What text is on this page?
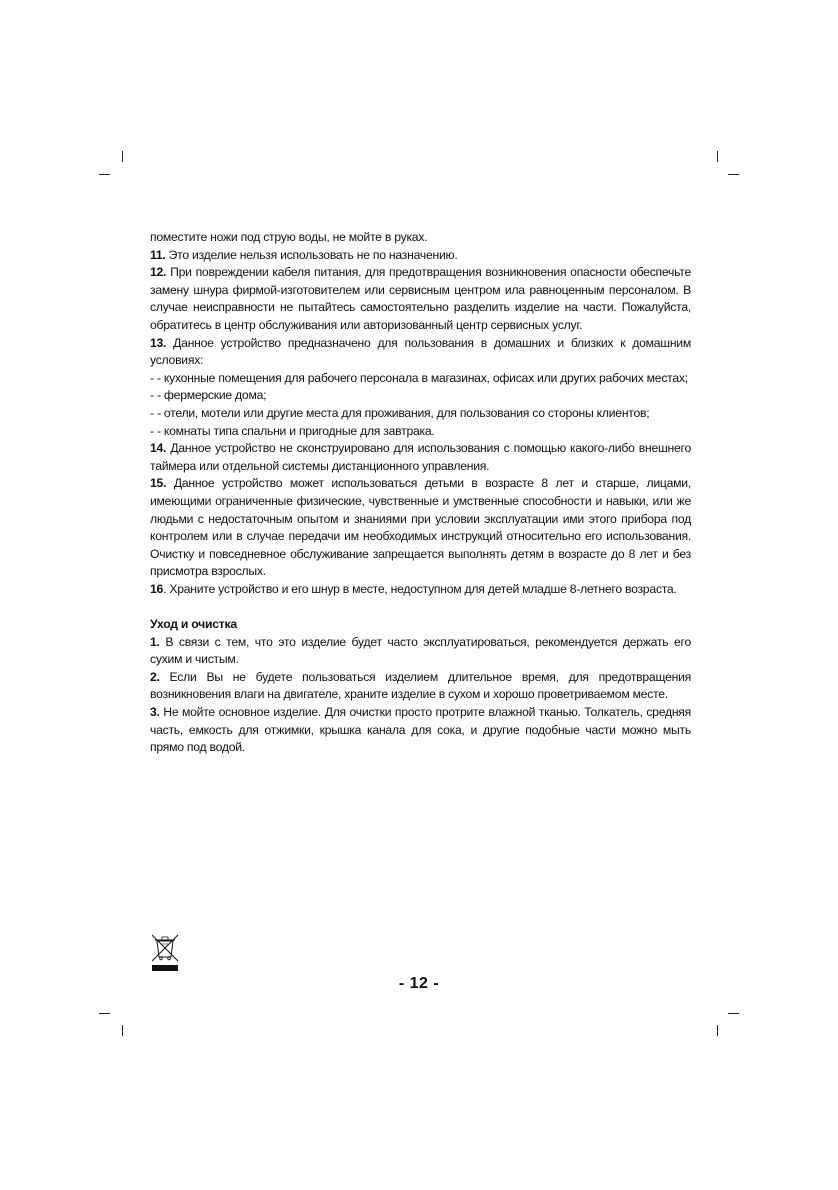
поместите ножи под струю воды, не мойте в руках.

11. Это изделие нельзя использовать не по назначению.

12. При повреждении кабеля питания, для предотвращения возникновения опасности обеспечьте замену шнура фирмой-изготовителем или сервисным центром ила равноценным персоналом. В случае неисправности не пытайтесь самостоятельно разделить изделие на части. Пожалуйста, обратитесь в центр обслуживания или авторизованный центр сервисных услуг.

13. Данное устройство предназначено для пользования в домашних и близких к домашним условиях:

- - кухонные помещения для рабочего персонала в магазинах, офисах или других рабочих местах;

- - фермерские дома;

- - отели, мотели или другие места для проживания, для пользования со стороны клиентов;

- - комнаты типа спальни и пригодные для завтрака.

14. Данное устройство не сконструировано для использования с помощью какого-либо внешнего таймера или отдельной системы дистанционного управления.

15. Данное устройство может использоваться детьми в возрасте 8 лет и старше, лицами, имеющими ограниченные физические, чувственные и умственные способности и навыки, или же людьми с недостаточным опытом и знаниями при условии эксплуатации ими этого прибора под контролем или в случае передачи им необходимых инструкций относительно его использования. Очистку и повседневное обслуживание запрещается выполнять детям в возрасте до 8 лет и без присмотра взрослых.

16. Храните устройство и его шнур в месте, недоступном для детей младше 8-летнего возраста.

Уход и очистка

1. В связи с тем, что это изделие будет часто эксплуатироваться, рекомендуется держать его сухим и чистым.

2. Если Вы не будете пользоваться изделием длительное время, для предотвращения возникновения влаги на двигателе, храните изделие в сухом и хорошо проветриваемом месте.

3. Не мойте основное изделие. Для очистки просто протрите влажной тканью. Толкатель, средняя часть, емкость для отжимки, крышка канала для сока, и другие подобные части можно мыть прямо под водой.

- 12 -
